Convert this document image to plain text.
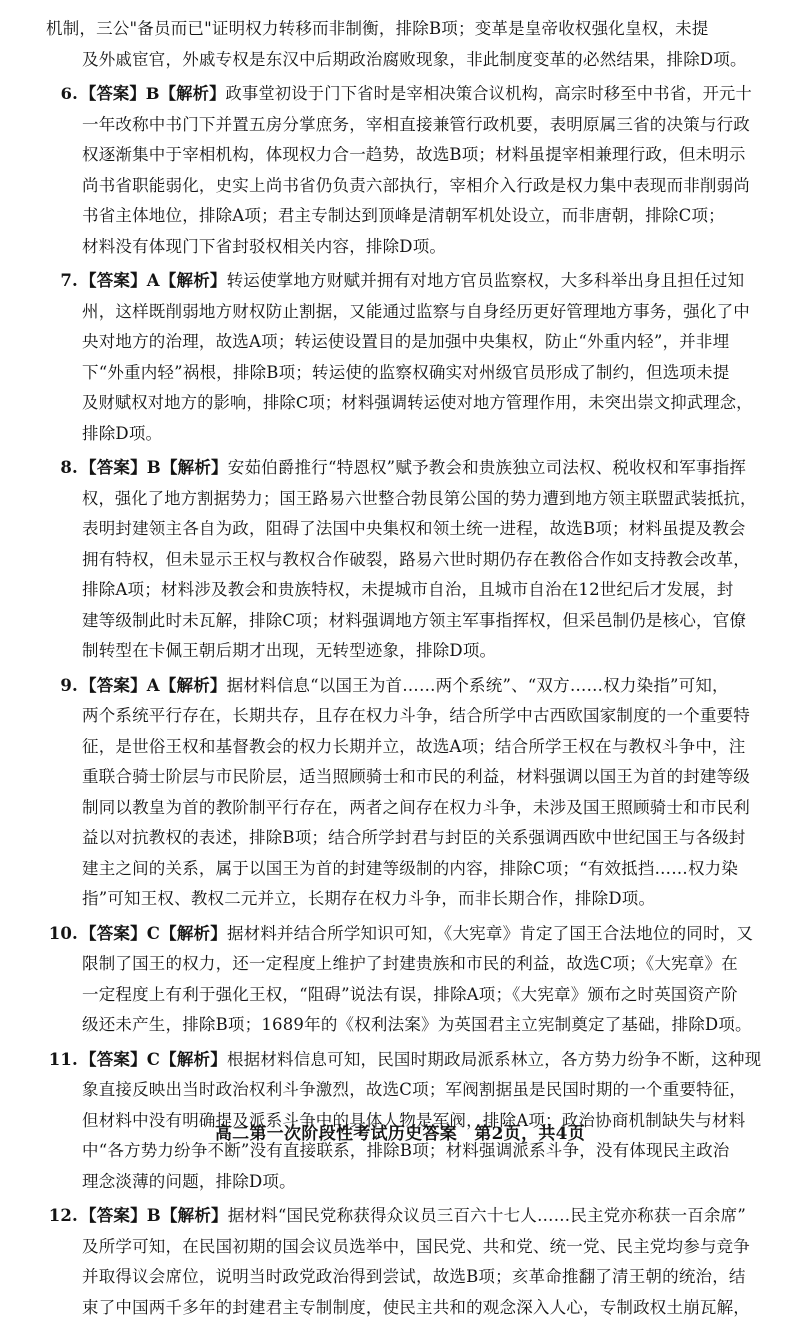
机制，三公"备员而已"证明权力转移而非制衡，排除B项；变革是皇帝收权强化皇权，未提
及外戚宦官，外戚专权是东汉中后期政治腐败现象，非此制度变革的必然结果，排除D项。
6. 【答案】B【解析】政事堂初设于门下省时是宰相决策合议机构，高宗时移至中书省，开元十
一年改称中书门下并置五房分掌庶务，宰相直接兼管行政机要，表明原属三省的决策与行政
权逐渐集中于宰相机构，体现权力合一趋势，故选B项；材料虽提宰相兼理行政，但未明示
尚书省职能弱化，史实上尚书省仍负责六部执行，宰相介入行政是权力集中表现而非削弱尚
书省主体地位，排除A项；君主专制达到顶峰是清朝军机处设立，而非唐朝，排除C项；
材料没有体现门下省封驳权相关内容，排除D项。
7. 【答案】A【解析】转运使掌地方财赋并拥有对地方官员监察权，大多科举出身且担任过知
州，这样既削弱地方财权防止割据，又能通过监察与自身经历更好管理地方事务，强化了中
央对地方的治理，故选A项；转运使设置目的是加强中央集权，防止“外重内轻”，并非埋
下“外重内轻”祸根，排除B项；转运使的监察权确实对州级官员形成了制约，但选项未提
及财赋权对地方的影响，排除C项；材料强调转运使对地方管理作用，未突出崇文抑武理念，
排除D项。
8. 【答案】B【解析】安茹伯爵推行“特恩权”赋予教会和贵族独立司法权、税收权和军事指挥
权，强化了地方割据势力；国王路易六世整合勃艮第公国的势力遭到地方领主联盟武装抵抗，
表明封建领主各自为政，阻碍了法国中央集权和领土统一进程，故选B项；材料虽提及教会
拥有特权，但未显示王权与教权合作破裂，路易六世时期仍存在教俗合作如支持教会改革，
排除A项；材料涉及教会和贵族特权，未提城市自治，且城市自治在12世纪后才发展，封
建等级制此时未瓦解，排除C项；材料强调地方领主军事指挥权，但采邑制仍是核心，官僚
制转型在卡佩王朝后期才出现，无转型迹象，排除D项。
9. 【答案】A【解析】据材料信息“以国王为首……两个系统”、“双方……权力染指”可知，
两个系统平行存在，长期共存，且存在权力斗争，结合所学中古西欧国家制度的一个重要特
征，是世俗王权和基督教会的权力长期并立，故选A项；结合所学王权在与教权斗争中，注
重联合骑士阶层与市民阶层，适当照顾骑士和市民的利益，材料强调以国王为首的封建等级
制同以教皇为首的教阶制平行存在，两者之间存在权力斗争，未涉及国王照顾骑士和市民利
益以对抗教权的表述，排除B项；结合所学封君与封臣的关系强调西欧中世纪国王与各级封
建主之间的关系，属于以国王为首的封建等级制的内容，排除C项；“有效抵挡……权力染
指”可知王权、教权二元并立，长期存在权力斗争，而非长期合作，排除D项。
10. 【答案】C【解析】据材料并结合所学知识可知，《大宪章》肯定了国王合法地位的同时，又
限制了国王的权力，还一定程度上维护了封建贵族和市民的利益，故选C项；《大宪章》在
一定程度上有利于强化王权，“阻碍”说法有误，排除A项；《大宪章》颁布之时英国资产阶
级还未产生，排除B项；1689年的《权利法案》为英国君主立宪制奠定了基础，排除D项。
11. 【答案】C【解析】根据材料信息可知，民国时期政局派系林立，各方势力纷争不断，这种现
象直接反映出当时政治权利斗争激烈，故选C项；军阀割据虽是民国时期的一个重要特征，
但材料中没有明确提及派系斗争中的具体人物是军阀，排除A项；政治协商机制缺失与材料
中“各方势力纷争不断”没有直接联系，排除B项；材料强调派系斗争，没有体现民主政治
理念淡薄的问题，排除D项。
12. 【答案】B【解析】据材料“国民党称获得众议员三百六十七人……民主党亦称获一百余席”
及所学可知，在民国初期的国会议员选举中，国民党、共和党、统一党、民主党均参与竞争
并取得议会席位，说明当时政党政治得到尝试，故选B项；亥革命推翻了清王朝的统治，结
束了中国两千多年的封建君主专制制度，使民主共和的观念深入人心，专制政权土崩瓦解，
高二第一次阶段性考试历史答案　第2页，共4页
